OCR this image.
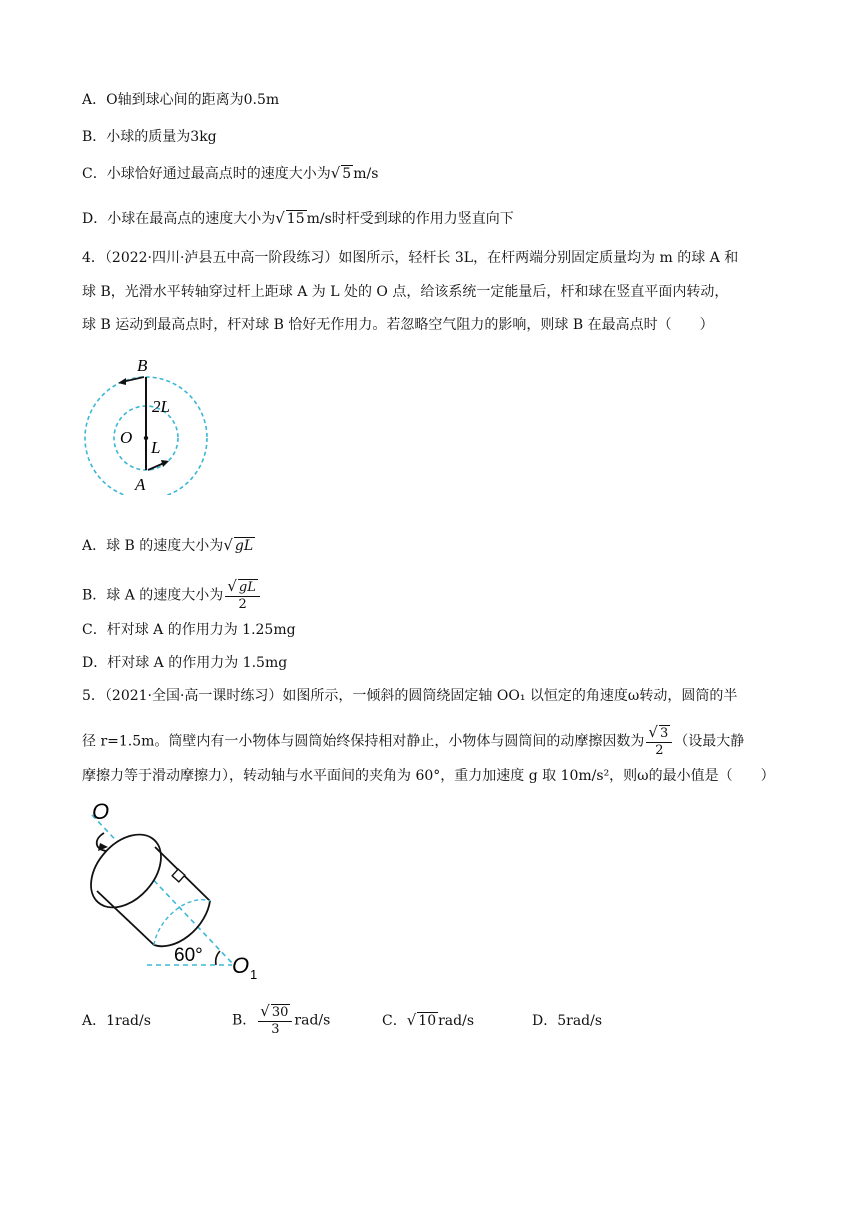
A．O轴到球心间的距离为0.5m
B．小球的质量为3kg
C．小球恰好通过最高点时的速度大小为√ 5 m/s
D．小球在最高点的速度大小为√ 15 m/s时杆受到球的作用力竖直向下
4．（2022·四川·泸县五中高一阶段练习）如图所示，轻杆长 3L，在杆两端分别固定质量均为 m 的球 A 和
球 B，光滑水平转轴穿过杆上距球 A 为 L 处的 O 点，给该系统一定能量后，杆和球在竖直平面内转动，
球 B 运动到最高点时，杆对球 B 恰好无作用力。若忽略空气阻力的影响，则球 B 在最高点时（　　）
B
2L
O
L
A
A．球 B 的速度大小为√ gL
B．球 A 的速度大小为 $\frac{√ gL}{2}$
C．杆对球 A 的作用力为 1.25mg
D．杆对球 A 的作用力为 1.5mg
5．（2021·全国·高一课时练习）如图所示，一倾斜的圆筒绕固定轴 OO₁ 以恒定的角速度ω转动，圆筒的半
径 r=1.5m。筒壁内有一小物体与圆筒始终保持相对静止，小物体与圆筒间的动摩擦因数为 $\frac{√ 3}{2}$ （设最大静
摩擦力等于滑动摩擦力），转动轴与水平面间的夹角为 60°，重力加速度 g 取 10m/s²，则ω的最小值是（　　）
O
60° O 1
A．1rad/s	B． $\frac{√ 30}{3} rad/s$	C．√ 10 rad/s	D．5rad/s
